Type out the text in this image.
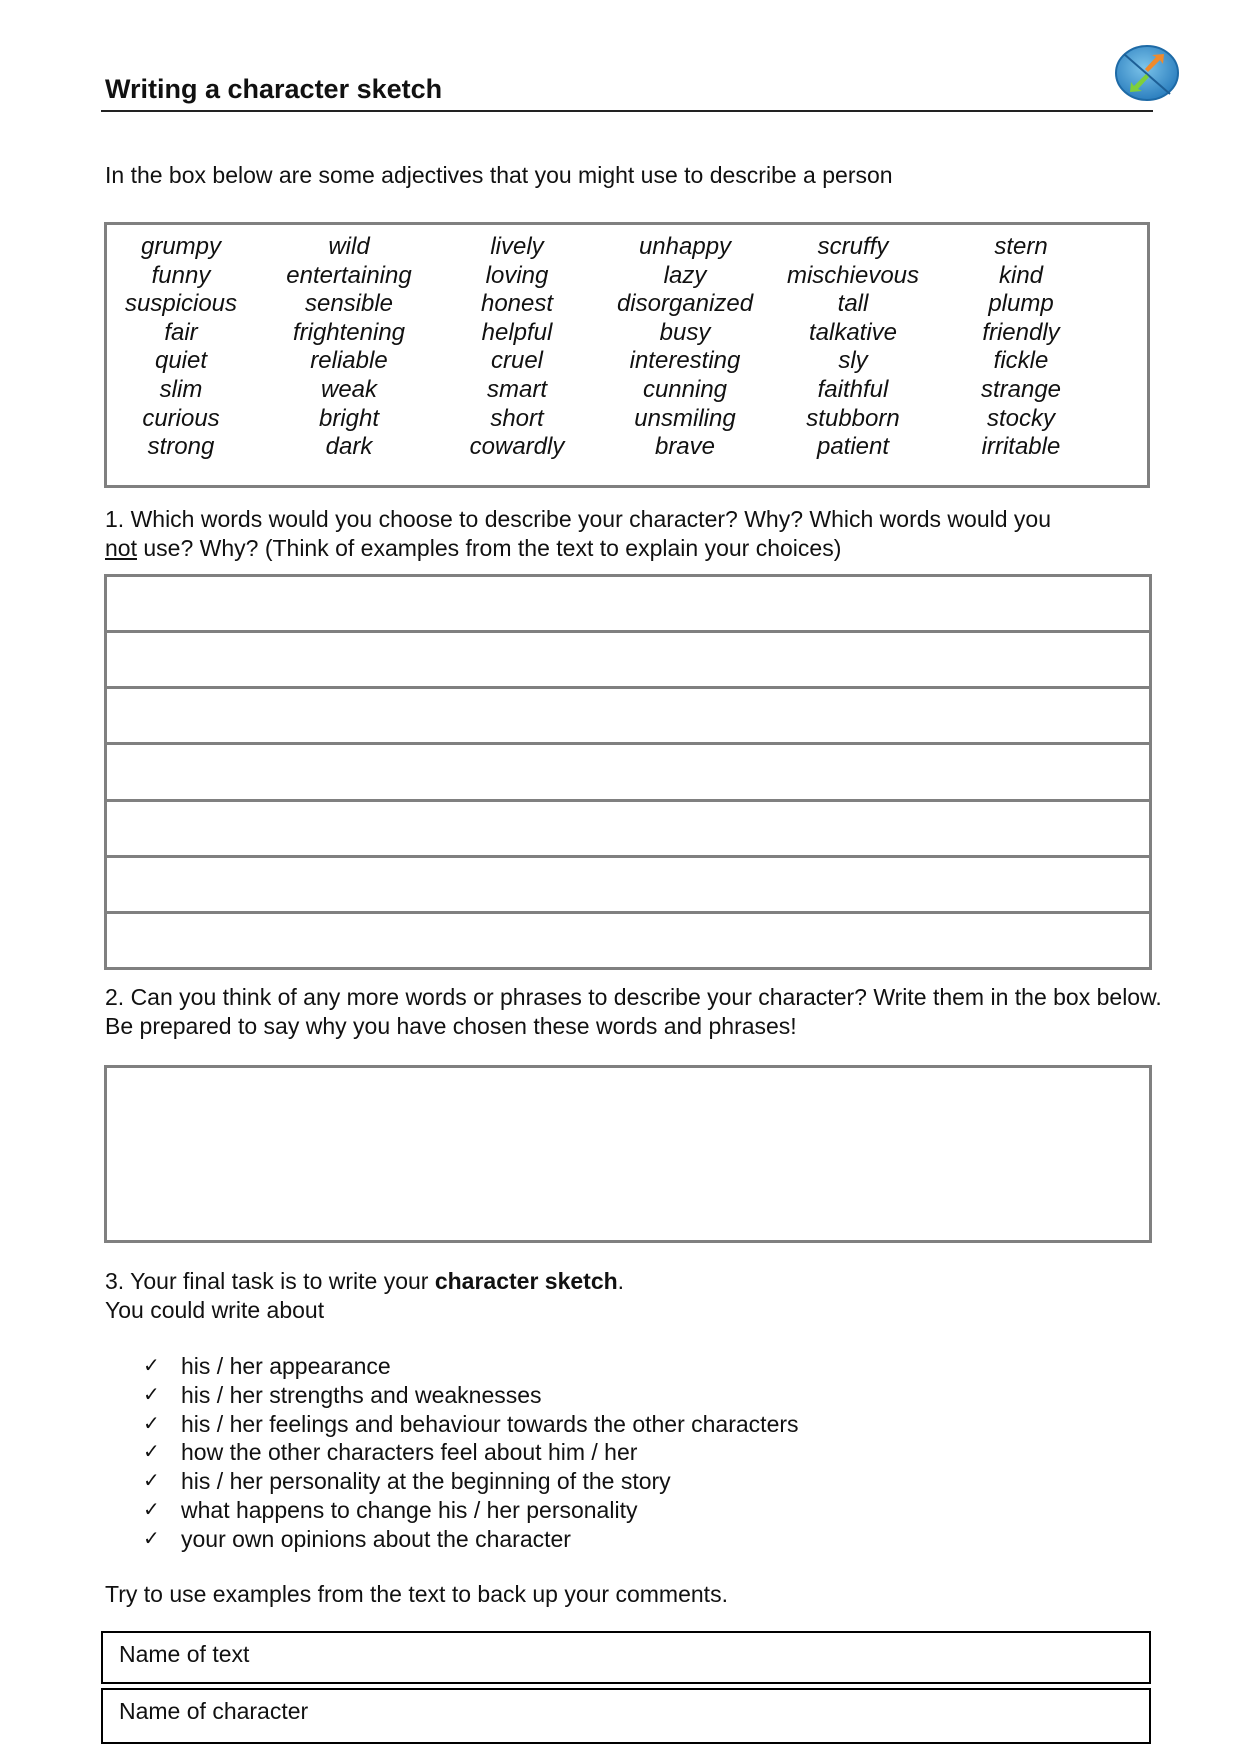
Writing a character sketch
In the box below are some adjectives that you might use to describe a person
grumpy
funny
suspicious
fair
quiet
slim
curious
strong
wild
entertaining
sensible
frightening
reliable
weak
bright
dark
lively
loving
honest
helpful
cruel
smart
short
cowardly
unhappy
lazy
disorganized
busy
interesting
cunning
unsmiling
brave
scruffy
mischievous
tall
talkative
sly
faithful
stubborn
patient
stern
kind
plump
friendly
fickle
strange
stocky
irritable
1. Which words would you choose to describe your character? Why? Which words would you
not use? Why? (Think of examples from the text to explain your choices)
2. Can you think of any more words or phrases to describe your character? Write them in the box below. Be prepared to say why you have chosen these words and phrases!
3. Your final task is to write your character sketch.
You could write about
✓ his / her appearance
✓ his / her strengths and weaknesses
✓ his / her feelings and behaviour towards the other characters
✓ how the other characters feel about him / her
✓ his / her personality at the beginning of the story
✓ what happens to change his / her personality
✓ your own opinions about the character
Try to use examples from the text to back up your comments.
Name of text
Name of character
